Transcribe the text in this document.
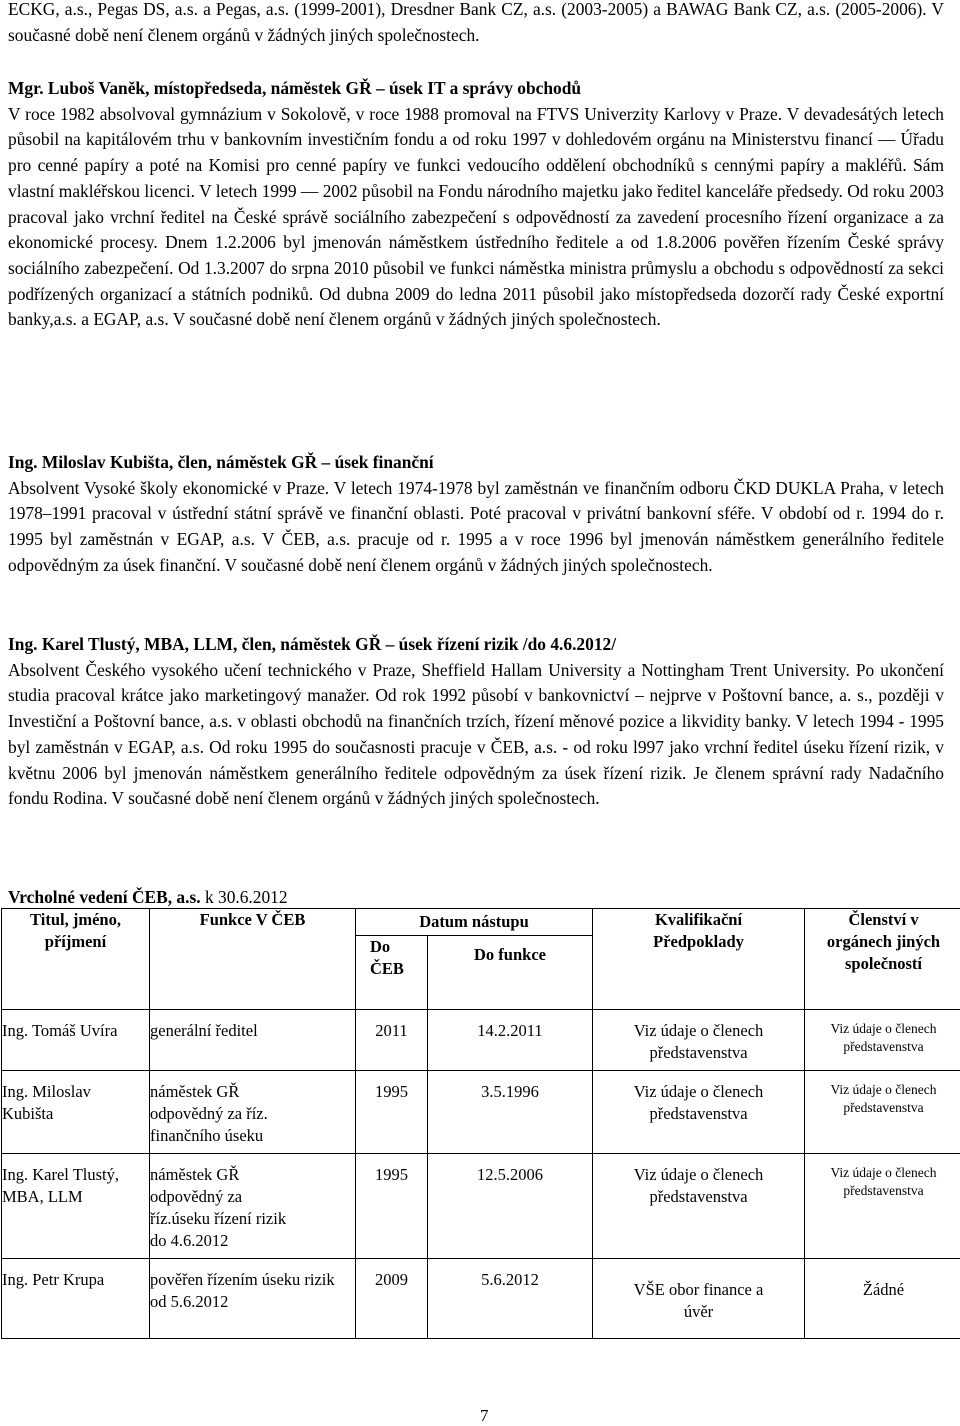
ECKG, a.s., Pegas DS, a.s. a Pegas, a.s. (1999-2001), Dresdner Bank CZ, a.s. (2003-2005) a BAWAG Bank CZ, a.s. (2005-2006). V současné době není členem orgánů v žádných jiných společnostech.

Mgr. Luboš Vaněk, místopředseda, náměstek GŘ – úsek IT a správy obchodů

V roce 1982 absolvoval gymnázium v Sokolově, v roce 1988 promoval na FTVS Univerzity Karlovy v Praze. V devadesátých letech působil na kapitálovém trhu v bankovním investičním fondu a od roku 1997 v dohledovém orgánu na Ministerstvu financí — Úřadu pro cenné papíry a poté na Komisi pro cenné papíry ve funkci vedoucího oddělení obchodníků s cennými papíry a makléřů. Sám vlastní makléřskou licenci. V letech 1999 — 2002 působil na Fondu národního majetku jako ředitel kanceláře předsedy. Od roku 2003 pracoval jako vrchní ředitel na České správě sociálního zabezpečení s odpovědností za zavedení procesního řízení organizace a za ekonomické procesy. Dnem 1.2.2006 byl jmenován náměstkem ústředního ředitele a od 1.8.2006 pověřen řízením České správy sociálního zabezpečení. Od 1.3.2007 do srpna 2010 působil ve funkci náměstka ministra průmyslu a obchodu s odpovědností za sekci podřízených organizací a státních podniků. Od dubna 2009 do ledna 2011 působil jako místopředseda dozorčí rady České exportní banky,a.s. a EGAP, a.s. V současné době není členem orgánů v žádných jiných společnostech.

Ing. Miloslav Kubišta, člen, náměstek GŘ – úsek finanční

Absolvent Vysoké školy ekonomické v Praze. V letech 1974-1978 byl zaměstnán ve finančním odboru ČKD DUKLA Praha, v letech 1978–1991 pracoval v ústřední státní správě ve finanční oblasti. Poté pracoval v privátní bankovní sféře. V období od r. 1994 do r. 1995 byl zaměstnán v EGAP, a.s. V ČEB, a.s. pracuje od r. 1995 a v roce 1996 byl jmenován náměstkem generálního ředitele odpovědným za úsek finanční. V současné době není členem orgánů v žádných jiných společnostech.

Ing. Karel Tlustý, MBA, LLM, člen, náměstek GŘ – úsek řízení rizik /do 4.6.2012/

Absolvent Českého vysokého učení technického v Praze, Sheffield Hallam University a Nottingham Trent University. Po ukončení studia pracoval krátce jako marketingový manažer. Od rok 1992 působí v bankovnictví – nejprve v Poštovní bance, a. s., později v Investiční a Poštovní bance, a.s. v oblasti obchodů na finančních trzích, řízení měnové pozice a likvidity banky. V letech 1994 - 1995 byl zaměstnán v EGAP, a.s. Od roku 1995 do současnosti pracuje v ČEB, a.s. - od roku l997 jako vrchní ředitel úseku řízení rizik, v květnu 2006 byl jmenován náměstkem generálního ředitele odpovědným za úsek řízení rizik. Je členem správní rady Nadačního fondu Rodina. V současné době není členem orgánů v žádných jiných společnostech.

Vrcholné vedení ČEB, a.s. k 30.6.2012
Titul, jméno, příjmení	Funkce V ČEB	Datum nástupu		Kvalifikační Předpoklady	Členství v orgánech jiných společností
		Do ČEB	Do funkce		

Ing. Tomáš Uvíra	generální ředitel	2011	14.2.2011	Viz údaje o členech představenstva	Viz údaje o členech představenstva

Ing. Miloslav Kubišta	náměstek GŘ odpovědný za říz. finančního úseku	1995	3.5.1996	Viz údaje o členech představenstva	Viz údaje o členech představenstva

Ing. Karel Tlustý, MBA, LLM	náměstek GŘ odpovědný za říz.úseku řízení rizik do 4.6.2012	1995	12.5.2006	Viz údaje o členech představenstva	Viz údaje o členech představenstva

Ing. Petr Krupa	pověřen řízením úseku rizik od 5.6.2012	2009	5.6.2012	VŠE obor finance a úvěr	Žádné
7
